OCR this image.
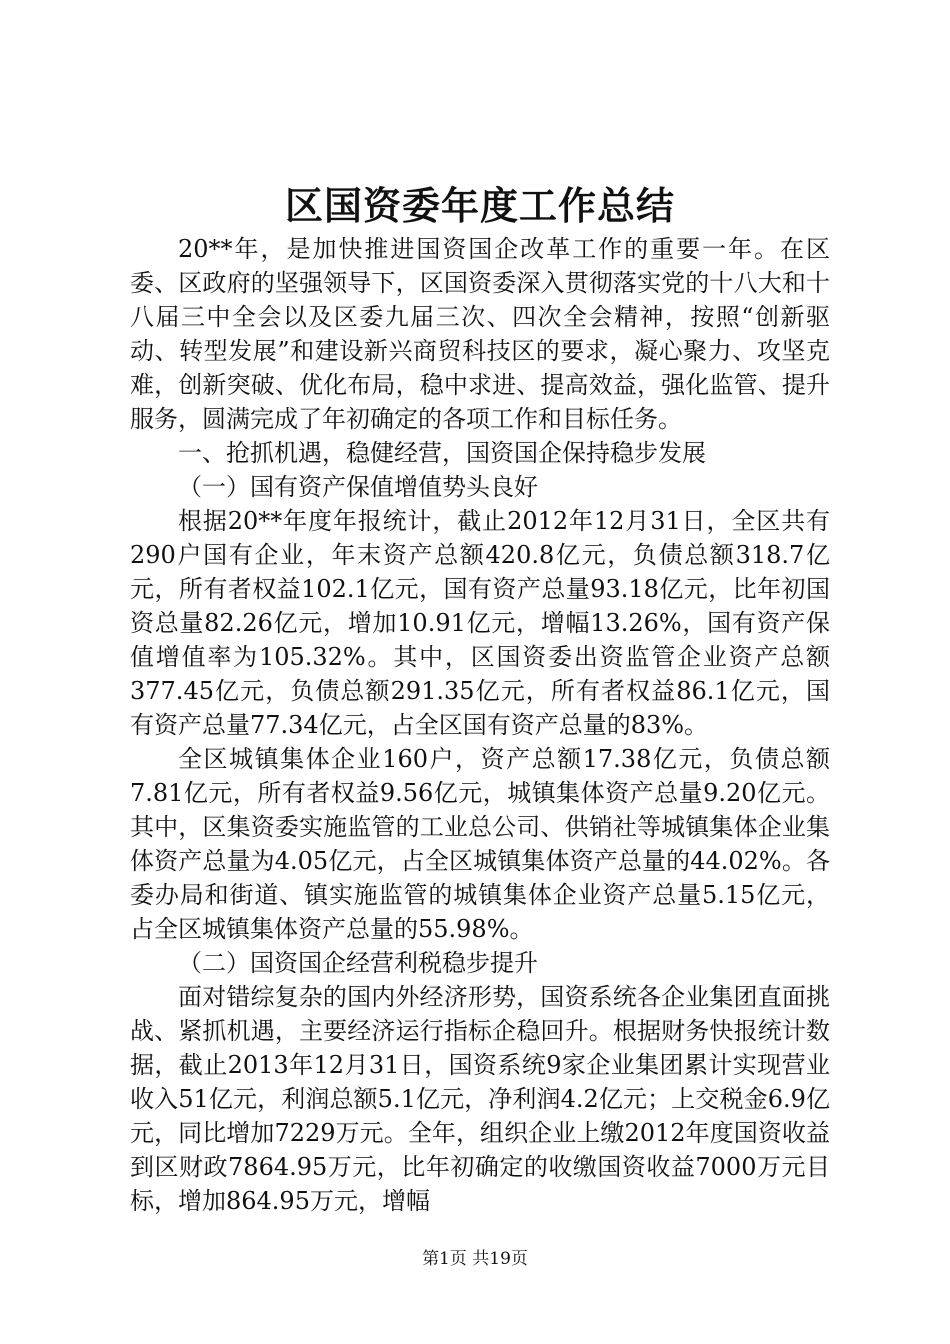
区国资委年度工作总结

20**年，是加快推进国资国企改革工作的重要一年。在区委、区政府的坚强领导下，区国资委深入贯彻落实党的十八大和十八届三中全会以及区委九届三次、四次全会精神，按照“创新驱动、转型发展”和建设新兴商贸科技区的要求，凝心聚力、攻坚克难，创新突破、优化布局，稳中求进、提高效益，强化监管、提升服务，圆满完成了年初确定的各项工作和目标任务。

一、抢抓机遇，稳健经营，国资国企保持稳步发展

（一）国有资产保值增值势头良好

根据20**年度年报统计，截止2012年12月31日，全区共有290户国有企业，年末资产总额420.8亿元，负债总额318.7亿元，所有者权益102.1亿元，国有资产总量93.18亿元，比年初国资总量82.26亿元，增加10.91亿元，增幅13.26%，国有资产保值增值率为105.32%。其中，区国资委出资监管企业资产总额377.45亿元，负债总额291.35亿元，所有者权益86.1亿元，国有资产总量77.34亿元，占全区国有资产总量的83%。

全区城镇集体企业160户，资产总额17.38亿元，负债总额7.81亿元，所有者权益9.56亿元，城镇集体资产总量9.20亿元。其中，区集资委实施监管的工业总公司、供销社等城镇集体企业集体资产总量为4.05亿元，占全区城镇集体资产总量的44.02%。各委办局和街道、镇实施监管的城镇集体企业资产总量5.15亿元，占全区城镇集体资产总量的55.98%。

（二）国资国企经营利税稳步提升

面对错综复杂的国内外经济形势，国资系统各企业集团直面挑战、紧抓机遇，主要经济运行指标企稳回升。根据财务快报统计数据，截止2013年12月31日，国资系统9家企业集团累计实现营业收入51亿元，利润总额5.1亿元，净利润4.2亿元；上交税金6.9亿元，同比增加7229万元。全年，组织企业上缴2012年度国资收益到区财政7864.95万元，比年初确定的收缴国资收益7000万元目标，增加864.95万元，增幅

第1页 共19页
